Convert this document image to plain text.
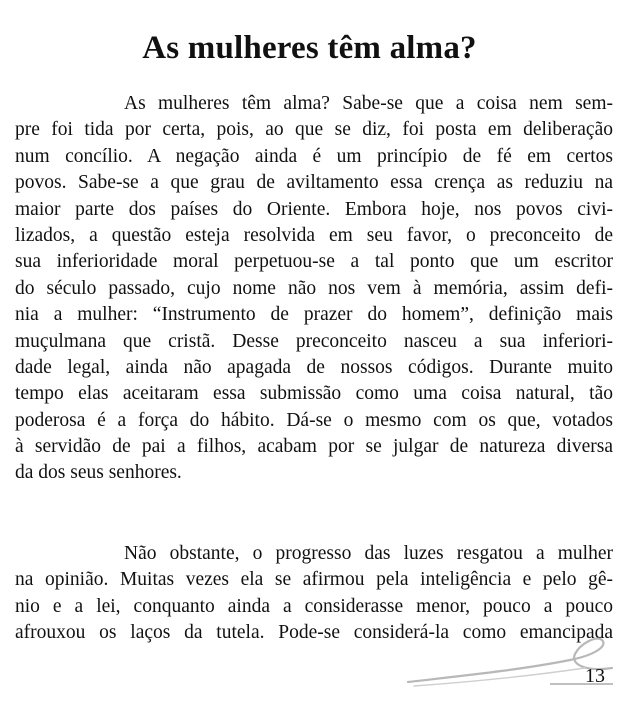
As mulheres têm alma?
As mulheres têm alma? Sabe-se que a coisa nem sem-
pre foi tida por certa, pois, ao que se diz, foi posta em deliberação
num concílio. A negação ainda é um princípio de fé em certos
povos. Sabe-se a que grau de aviltamento essa crença as reduziu na
maior parte dos países do Oriente. Embora hoje, nos povos civi-
lizados, a questão esteja resolvida em seu favor, o preconceito de
sua inferioridade moral perpetuou-se a tal ponto que um escritor
do século passado, cujo nome não nos vem à memória, assim defi-
nia a mulher: “Instrumento de prazer do homem”, definição mais
muçulmana que cristã. Desse preconceito nasceu a sua inferiori-
dade legal, ainda não apagada de nossos códigos. Durante muito
tempo elas aceitaram essa submissão como uma coisa natural, tão
poderosa é a força do hábito. Dá-se o mesmo com os que, votados
à servidão de pai a filhos, acabam por se julgar de natureza diversa
da dos seus senhores.
Não obstante, o progresso das luzes resgatou a mulher
na opinião. Muitas vezes ela se afirmou pela inteligência e pelo gê-
nio e a lei, conquanto ainda a considerasse menor, pouco a pouco
afrouxou os laços da tutela. Pode-se considerá-la como emancipada
13
